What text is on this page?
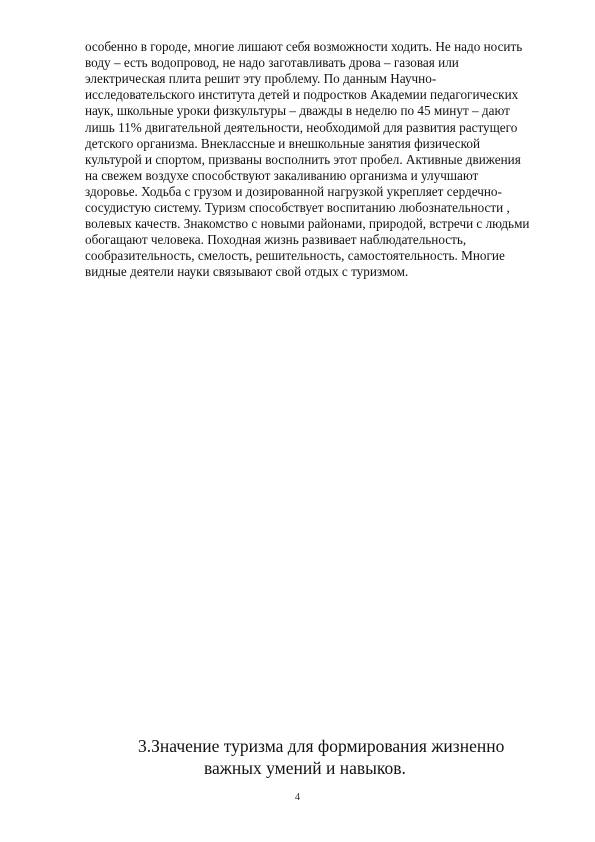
особенно в городе, многие лишают себя возможности ходить. Не надо носить
воду – есть водопровод, не надо заготавливать дрова – газовая или
электрическая плита решит эту проблему. По данным Научно-
исследовательского института детей и подростков Академии педагогических
наук, школьные уроки физкультуры – дважды в неделю по 45 минут – дают
лишь 11% двигательной деятельности, необходимой для развития растущего
детского организма. Внеклассные и внешкольные занятия физической
культурой и спортом, призваны восполнить этот пробел. Активные движения
на свежем воздухе способствуют закаливанию организма и улучшают
здоровье. Ходьба с грузом и дозированной нагрузкой укрепляет сердечно-
сосудистую систему. Туризм способствует воспитанию любознательности ,
волевых качеств. Знакомство с новыми районами, природой, встречи с людьми
обогащают человека. Походная жизнь развивает наблюдательность,
сообразительность, смелость, решительность, самостоятельность. Многие
видные деятели науки связывают свой отдых с туризмом.
3.Значение туризма для формирования жизненно
важных умений и навыков.
4
